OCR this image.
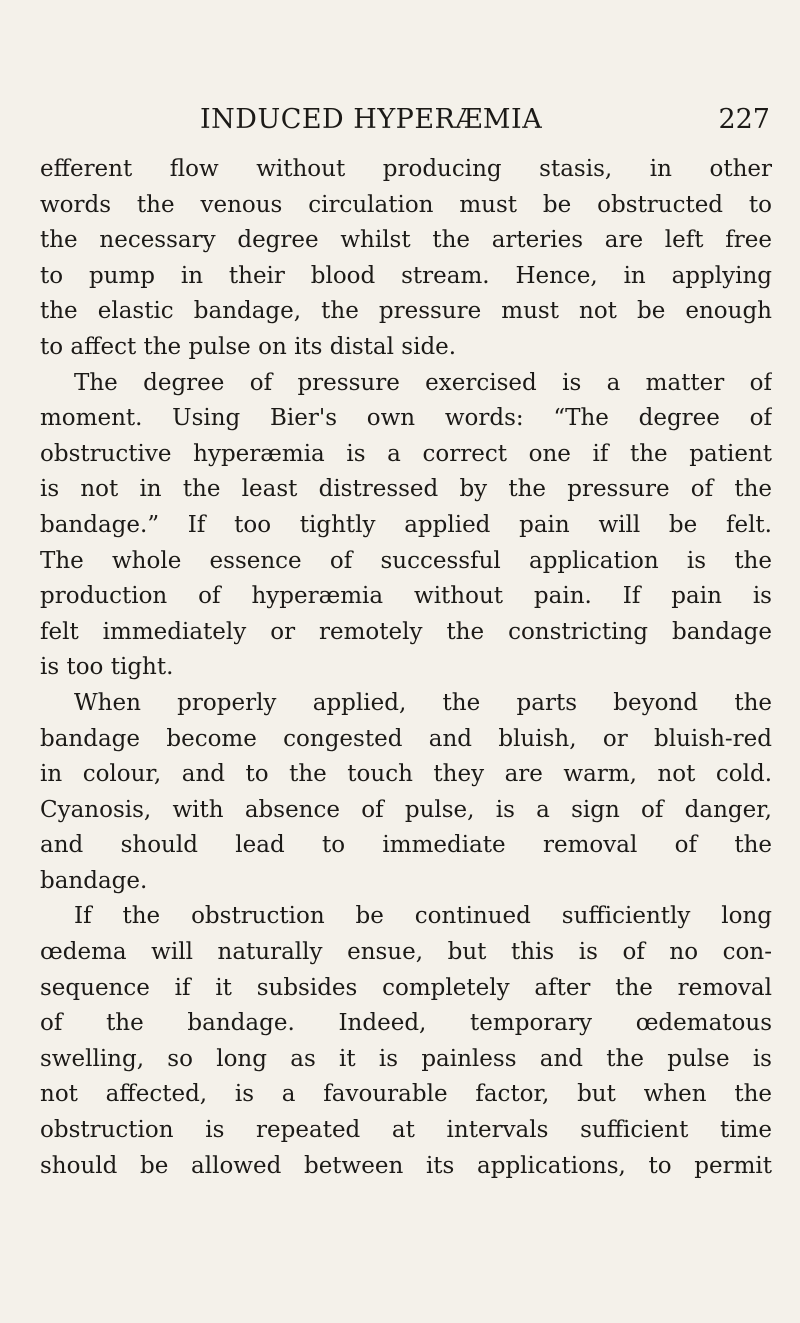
INDUCED HYPERÆMIA	227
efferent flow without producing stasis, in other
words the venous circulation must be obstructed to
the necessary degree whilst the arteries are left free
to pump in their blood stream. Hence, in applying
the elastic bandage, the pressure must not be enough
to affect the pulse on its distal side.
The degree of pressure exercised is a matter of
moment. Using Bier's own words: “The degree of
obstructive hyperæmia is a correct one if the patient
is not in the least distressed by the pressure of the
bandage.” If too tightly applied pain will be felt.
The whole essence of successful application is the
production of hyperæmia without pain. If pain is
felt immediately or remotely the constricting bandage
is too tight.
When properly applied, the parts beyond the
bandage become congested and bluish, or bluish-red
in colour, and to the touch they are warm, not cold.
Cyanosis, with absence of pulse, is a sign of danger,
and should lead to immediate removal of the
bandage.
If the obstruction be continued sufficiently long
œdema will naturally ensue, but this is of no con-
sequence if it subsides completely after the removal
of the bandage. Indeed, temporary œdematous
swelling, so long as it is painless and the pulse is
not affected, is a favourable factor, but when the
obstruction is repeated at intervals sufficient time
should be allowed between its applications, to permit
